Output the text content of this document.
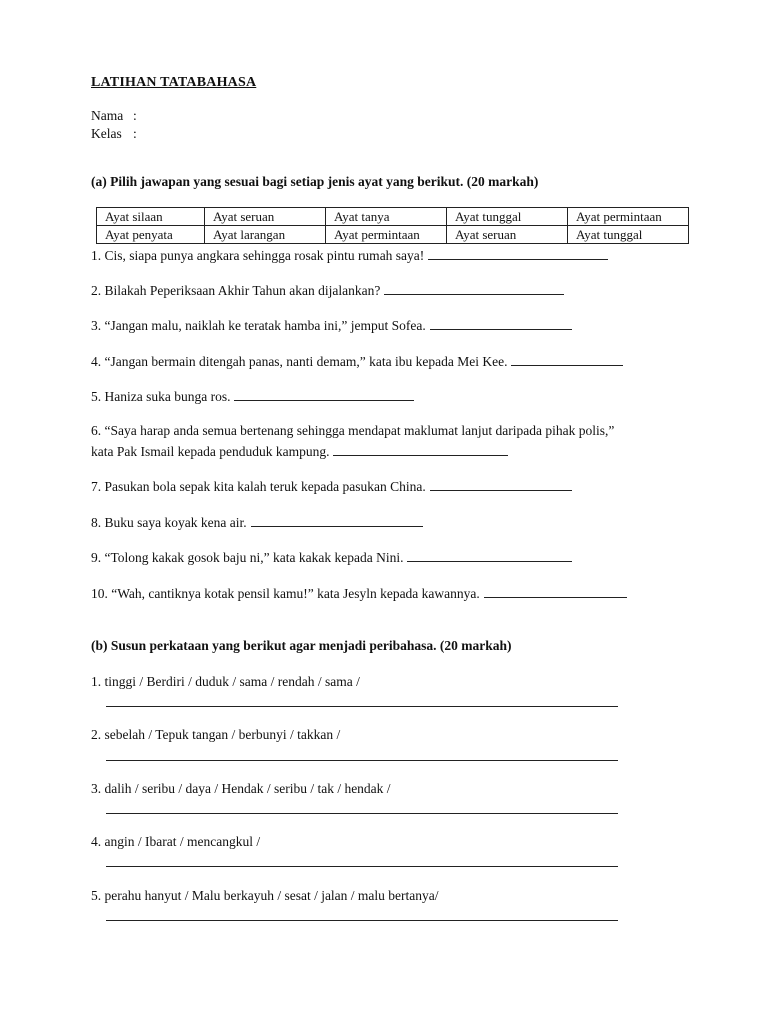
LATIHAN TATABAHASA
Nama :
Kelas :
(a) Pilih jawapan yang sesuai bagi setiap jenis ayat yang berikut. (20 markah)
Ayat silaan	Ayat seruan	Ayat tanya	Ayat tunggal	Ayat permintaan
Ayat penyata	Ayat larangan	Ayat permintaan	Ayat seruan	Ayat tunggal
1. Cis, siapa punya angkara sehingga rosak pintu rumah saya!
2. Bilakah Peperiksaan Akhir Tahun akan dijalankan?
3. “Jangan malu, naiklah ke teratak hamba ini,” jemput Sofea.
4. “Jangan bermain ditengah panas, nanti demam,” kata ibu kepada Mei Kee.
5. Haniza suka bunga ros.
6. “Saya harap anda semua bertenang sehingga mendapat maklumat lanjut daripada pihak polis,”
kata Pak Ismail kepada penduduk kampung.
7. Pasukan bola sepak kita kalah teruk kepada pasukan China.
8. Buku saya koyak kena air.
9. “Tolong kakak gosok baju ni,” kata kakak kepada Nini.
10. “Wah, cantiknya kotak pensil kamu!” kata Jesyln kepada kawannya.
(b) Susun perkataan yang berikut agar menjadi peribahasa. (20 markah)
1. tinggi / Berdiri / duduk / sama / rendah / sama /
2. sebelah / Tepuk tangan / berbunyi / takkan /
3. dalih / seribu / daya / Hendak / seribu / tak / hendak /
4. angin / Ibarat / mencangkul /
5. perahu hanyut / Malu berkayuh / sesat / jalan / malu bertanya/
